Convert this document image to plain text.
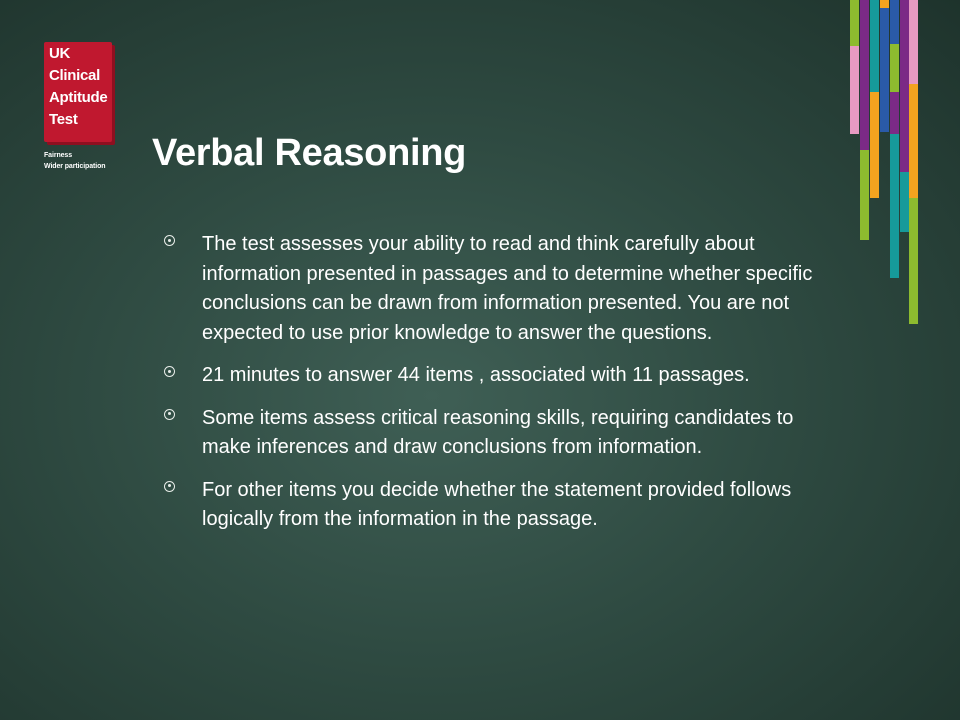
UK
Clinical
Aptitude
Test
Fairness
Wider participation Verbal Reasoning
The test assesses your ability to read and think carefully about information presented in passages and to determine whether specific conclusions can be drawn from information presented. You are not expected to use prior knowledge to answer the questions.
21 minutes to answer 44 items , associated with 11 passages.
Some items assess critical reasoning skills, requiring candidates to make inferences and draw conclusions from information.
For other items you decide whether the statement provided follows logically from the information in the passage.
